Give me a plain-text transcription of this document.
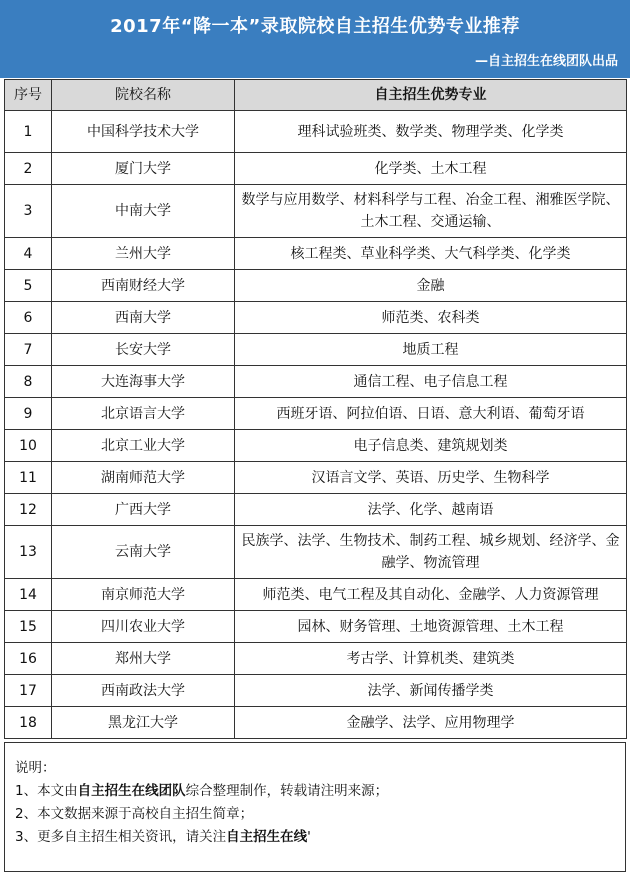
2017年“降一本”录取院校自主招生优势专业推荐
—自主招生在线团队出品
序号	院校名称	自主招生优势专业
1	中国科学技术大学	理科试验班类、数学类、物理学类、化学类
2	厦门大学	化学类、土木工程
3	中南大学	数学与应用数学、材料科学与工程、冶金工程、湘雅医学院、土木工程、交通运输、
4	兰州大学	核工程类、草业科学类、大气科学类、化学类
5	西南财经大学	金融
6	西南大学	师范类、农科类
7	长安大学	地质工程
8	大连海事大学	通信工程、电子信息工程
9	北京语言大学	西班牙语、阿拉伯语、日语、意大利语、葡萄牙语
10	北京工业大学	电子信息类、建筑规划类
11	湖南师范大学	汉语言文学、英语、历史学、生物科学
12	广西大学	法学、化学、越南语
13	云南大学	民族学、法学、生物技术、制药工程、城乡规划、经济学、金融学、物流管理
14	南京师范大学	师范类、电气工程及其自动化、金融学、人力资源管理
15	四川农业大学	园林、财务管理、土地资源管理、土木工程
16	郑州大学	考古学、计算机类、建筑类
17	西南政法大学	法学、新闻传播学类
18	黑龙江大学	金融学、法学、应用物理学
说明：
1、本文由自主招生在线团队综合整理制作，转载请注明来源；
2、本文数据来源于高校自主招生简章；
3、更多自主招生相关资讯，请关注自主招生在线'
